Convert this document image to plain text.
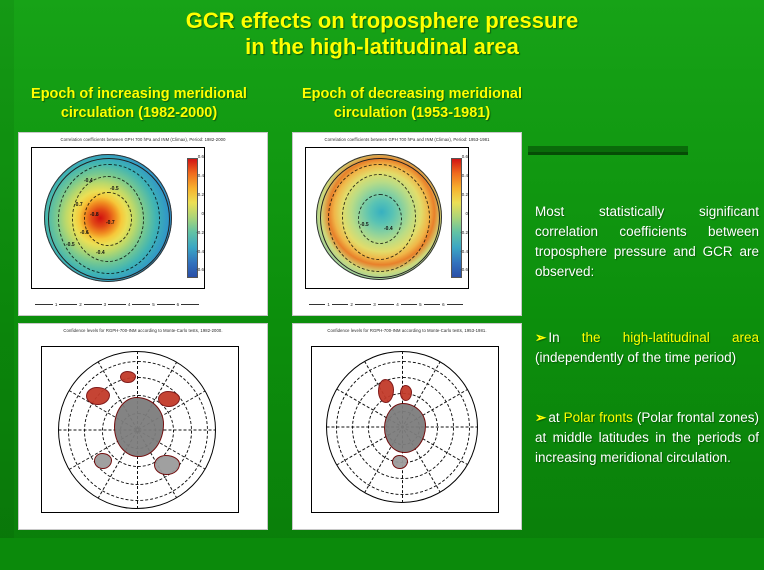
GCR effects on troposphere pressure
in the high-latitudinal area
Epoch of increasing meridional
circulation (1982-2000)
Epoch of decreasing meridional
circulation (1953-1981)
Correlation coefficients between GPH 700 hPa and INM (Climax), Period: 1982-2000
-0.4
-0.5
-0.7
-0.8
-0.7
-0.6
-0.5
-0.4
0.6
0.4
0.2
0
-0.2
-0.4
-0.6
1	2	3	4	5	6
Correlation coefficients between GPH 700 hPa and INM (Climax), Period: 1953-1981
-0.5
-0.4
0.6
0.4
0.2
0
-0.2
-0.4
-0.6
1	2	3	4	5	6
Confidence levels for RGPH-700-INM according to Monte-Carlo tests, 1982-2000.	Confidence levels for RGPH-700-INM according to Monte-Carlo tests, 1953-1981.
Most statistically significant correlation coefficients between troposphere pressure and GCR are observed:
➢ In the high-latitudinal area (independently of the time period)
➢ at Polar fronts (Polar frontal zones) at middle latitudes in the periods of increasing meridional circulation.
